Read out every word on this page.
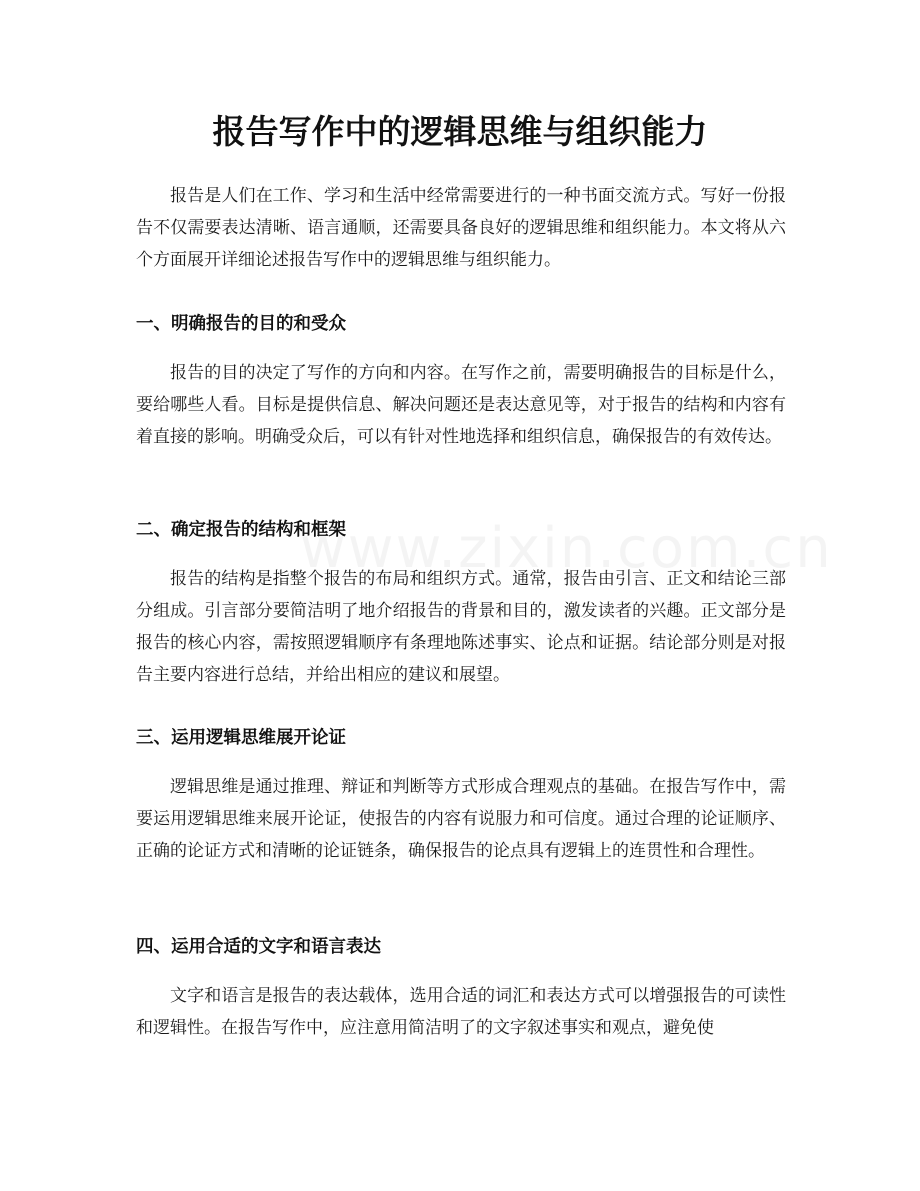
报告写作中的逻辑思维与组织能力

报告是人们在工作、学习和生活中经常需要进行的一种书面交流方式。写好一份报告不仅需要表达清晰、语言通顺，还需要具备良好的逻辑思维和组织能力。本文将从六个方面展开详细论述报告写作中的逻辑思维与组织能力。

一、明确报告的目的和受众

报告的目的决定了写作的方向和内容。在写作之前，需要明确报告的目标是什么，要给哪些人看。目标是提供信息、解决问题还是表达意见等，对于报告的结构和内容有着直接的影响。明确受众后，可以有针对性地选择和组织信息，确保报告的有效传达。

二、确定报告的结构和框架

报告的结构是指整个报告的布局和组织方式。通常，报告由引言、正文和结论三部分组成。引言部分要简洁明了地介绍报告的背景和目的，激发读者的兴趣。正文部分是报告的核心内容，需按照逻辑顺序有条理地陈述事实、论点和证据。结论部分则是对报告主要内容进行总结，并给出相应的建议和展望。

三、运用逻辑思维展开论证

逻辑思维是通过推理、辩证和判断等方式形成合理观点的基础。在报告写作中，需要运用逻辑思维来展开论证，使报告的内容有说服力和可信度。通过合理的论证顺序、正确的论证方式和清晰的论证链条，确保报告的论点具有逻辑上的连贯性和合理性。

四、运用合适的文字和语言表达

文字和语言是报告的表达载体，选用合适的词汇和表达方式可以增强报告的可读性和逻辑性。在报告写作中，应注意用简洁明了的文字叙述事实和观点，避免使
